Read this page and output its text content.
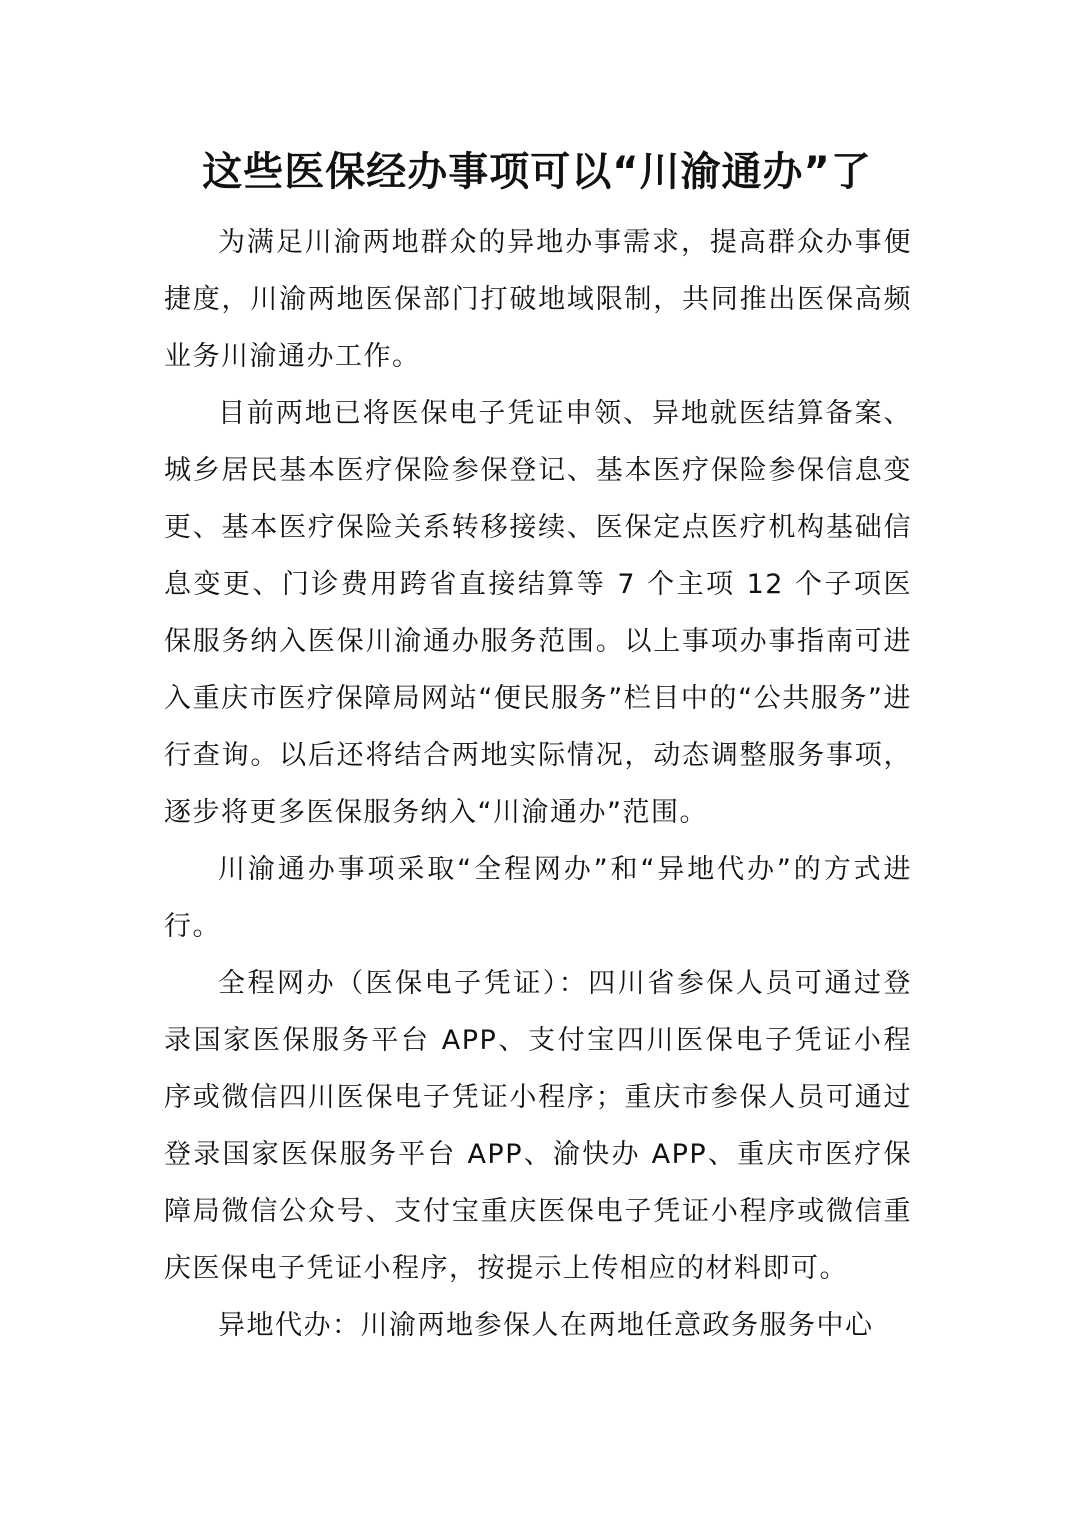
这些医保经办事项可以“川渝通办”了

为满足川渝两地群众的异地办事需求，提高群众办事便捷度，川渝两地医保部门打破地域限制，共同推出医保高频业务川渝通办工作。

目前两地已将医保电子凭证申领、异地就医结算备案、城乡居民基本医疗保险参保登记、基本医疗保险参保信息变更、基本医疗保险关系转移接续、医保定点医疗机构基础信息变更、门诊费用跨省直接结算等 7 个主项 12 个子项医保服务纳入医保川渝通办服务范围。以上事项办事指南可进入重庆市医疗保障局网站“便民服务”栏目中的“公共服务”进行查询。以后还将结合两地实际情况，动态调整服务事项，逐步将更多医保服务纳入“川渝通办”范围。

川渝通办事项采取“全程网办”和“异地代办”的方式进行。

全程网办（医保电子凭证）：四川省参保人员可通过登录国家医保服务平台 APP、支付宝四川医保电子凭证小程序或微信四川医保电子凭证小程序；重庆市参保人员可通过登录国家医保服务平台 APP、渝快办 APP、重庆市医疗保障局微信公众号、支付宝重庆医保电子凭证小程序或微信重庆医保电子凭证小程序，按提示上传相应的材料即可。

异地代办：川渝两地参保人在两地任意政务服务中心
